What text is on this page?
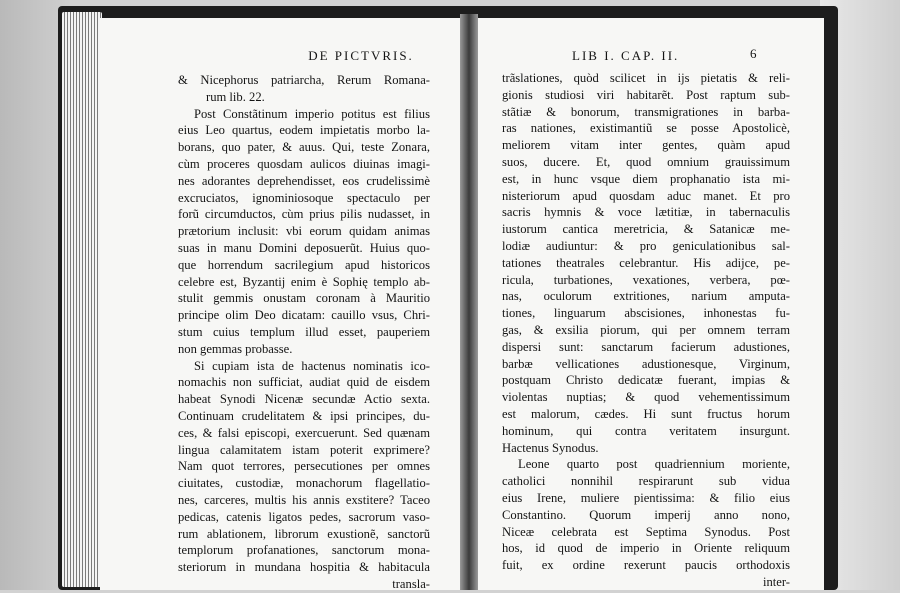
DE PICTVRIS.
& Nicephorus patriarcha, Rerum Romana-
rum lib. 22.
Post Constãtinum imperio potitus est filius
eius Leo quartus, eodem impietatis morbo la-
borans, quo pater, & auus. Qui, teste Zonara,
cùm proceres quosdam aulicos diuinas imagi-
nes adorantes deprehendisset, eos crudelissimè
excruciatos, ignominiosoque spectaculo per
forũ circumductos, cùm prius pilis nudasset, in
prætorium inclusit: vbi eorum quidam animas
suas in manu Domini deposuerũt. Huius quo-
que horrendum sacrilegium apud historicos
celebre est, Byzantij enim è Sophię templo ab-
stulit gemmis onustam coronam à Mauritio
principe olim Deo dicatam: cauillo vsus, Chri-
stum cuius templum illud esset, pauperiem
non gemmas probasse.
Si cupiam ista de hactenus nominatis ico-
nomachis non sufficiat, audiat quid de eisdem
habeat Synodi Nicenæ secundæ Actio sexta.
Continuam crudelitatem & ipsi principes, du-
ces, & falsi episcopi, exercuerunt. Sed quænam
lingua calamitatem istam poterit exprimere?
Nam quot terrores, persecutiones per omnes
ciuitates, custodiæ, monachorum flagellatio-
nes, carceres, multis his annis exstitere? Taceo
pedicas, catenis ligatos pedes, sacrorum vaso-
rum ablationem, librorum exustionẽ, sanctorũ
templorum profanationes, sanctorum mona-
steriorum in mundana hospitia & habitacula
transla-
LIB I. CAP. II.	6
trãslationes, quòd scilicet in ijs pietatis & reli-
gionis studiosi viri habitarẽt. Post raptum sub-
stãtiæ & bonorum, transmigrationes in barba-
ras nationes, existimantiũ se posse Apostolicè,
meliorem vitam inter gentes, quàm apud
suos, ducere. Et, quod omnium grauissimum
est, in hunc vsque diem prophanatio ista mi-
nisteriorum apud quosdam aduc manet. Et pro
sacris hymnis & voce lætitiæ, in tabernaculis
iustorum cantica meretricia, & Satanicæ me-
lodiæ audiuntur: & pro geniculationibus sal-
tationes theatrales celebrantur. His adijce, pe-
ricula, turbationes, vexationes, verbera, pœ-
nas, oculorum extritiones, narium amputa-
tiones, linguarum abscisiones, inhonestas fu-
gas, & exsilia piorum, qui per omnem terram
dispersi sunt: sanctarum facierum adustiones,
barbæ vellicationes adustionesque, Virginum,
postquam Christo dedicatæ fuerant, impias &
violentas nuptias; & quod vehementissimum
est malorum, cædes. Hi sunt fructus horum
hominum, qui contra veritatem insurgunt.
Hactenus Synodus.
Leone quarto post quadriennium moriente,
catholici nonnihil respirarunt sub vidua
eius Irene, muliere pientissima: & filio eius
Constantino. Quorum imperij anno nono,
Niceæ celebrata est Septima Synodus. Post
hos, id quod de imperio in Oriente reliquum
fuit, ex ordine rexerunt paucis orthodoxis
inter-
